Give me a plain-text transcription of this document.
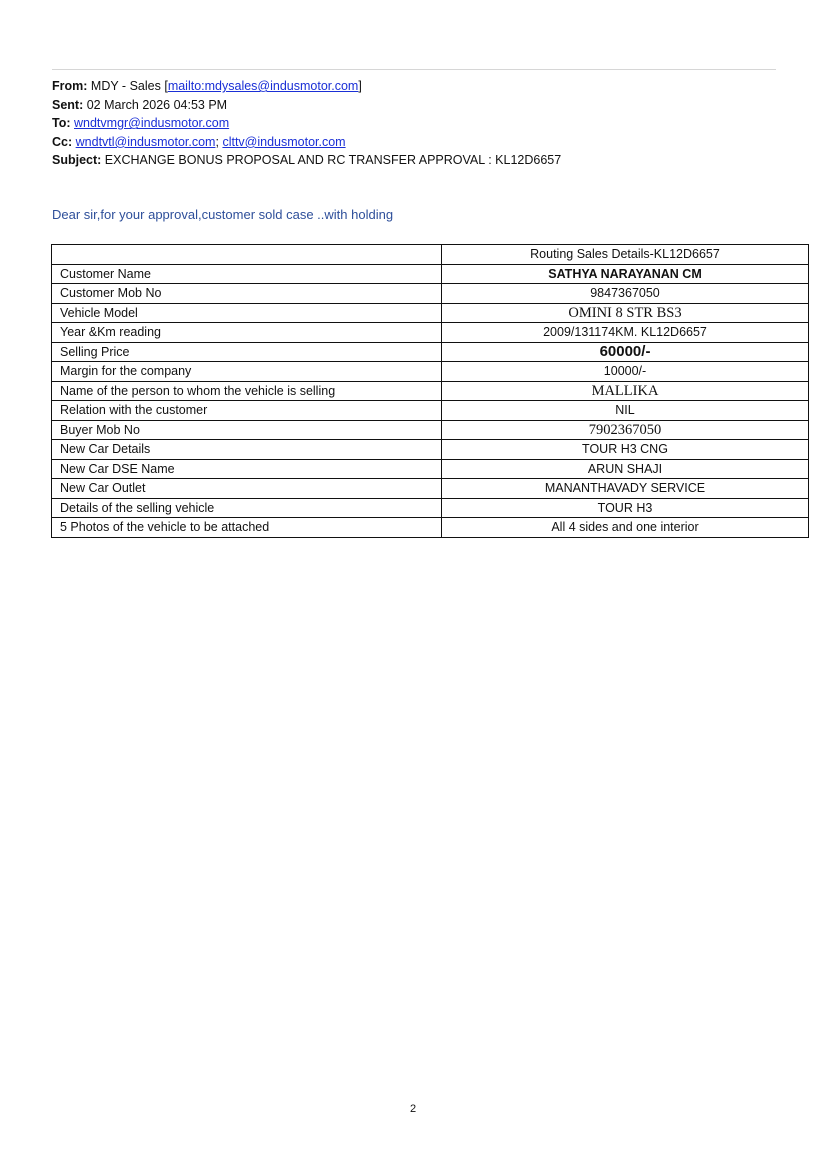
From: MDY - Sales [mailto:mdysales@indusmotor.com]
Sent: 02 March 2026 04:53 PM
To: wndtvmgr@indusmotor.com
Cc: wndtvtl@indusmotor.com; clttv@indusmotor.com
Subject: EXCHANGE BONUS PROPOSAL AND RC TRANSFER APPROVAL : KL12D6657
Dear sir,for your approval,customer sold case ..with holding
	Routing Sales Details-KL12D6657
Customer Name	SATHYA NARAYANAN CM
Customer Mob No	9847367050
Vehicle Model	OMINI 8 STR BS3
Year &Km reading	2009/131174KM. KL12D6657
Selling Price	60000/-
Margin for the company	10000/-
Name of the person to whom the vehicle is selling	MALLIKA
Relation with the customer	NIL
Buyer Mob No	7902367050
New Car Details	TOUR H3 CNG
New Car DSE Name	ARUN SHAJI
New Car Outlet	MANANTHAVADY SERVICE
Details of the selling vehicle	TOUR H3
5 Photos of the vehicle to be attached	All 4 sides and one interior
2
